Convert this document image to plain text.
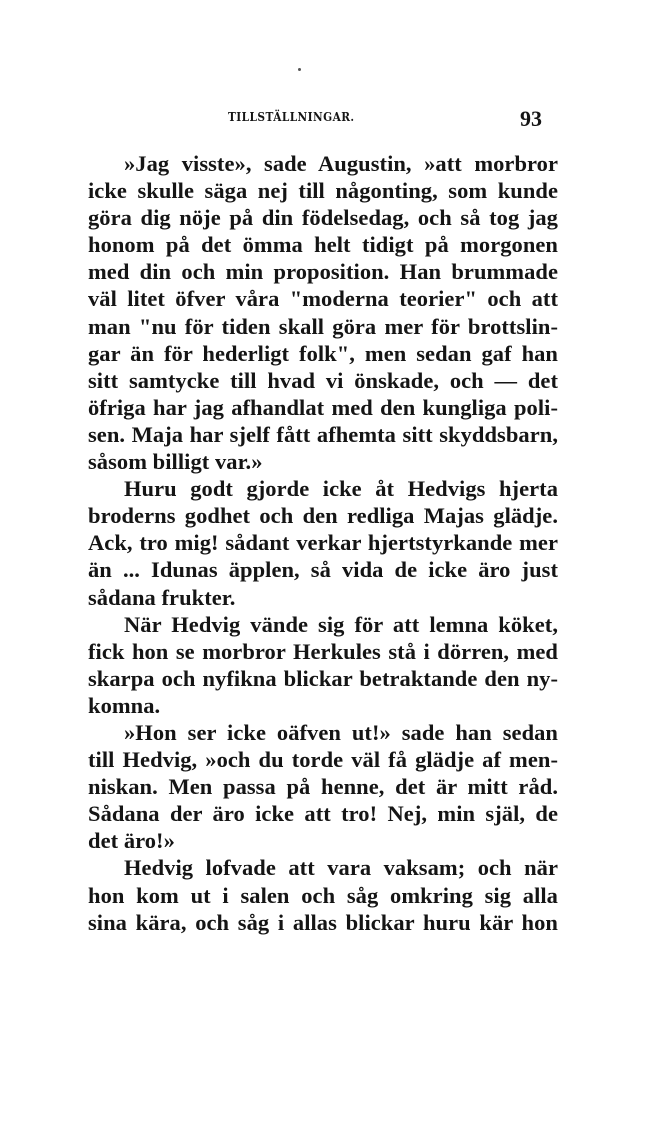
TILLSTÄLLNINGAR.	93
»Jag visste», sade Augustin, »att morbror
icke skulle säga nej till någonting, som kunde
göra dig nöje på din födelsedag, och så tog jag
honom på det ömma helt tidigt på morgonen
med din och min proposition. Han brummade
väl litet öfver våra "moderna teorier" och att
man "nu för tiden skall göra mer för brottslin-
gar än för hederligt folk", men sedan gaf han
sitt samtycke till hvad vi önskade, och — det
öfriga har jag afhandlat med den kungliga poli-
sen. Maja har sjelf fått afhemta sitt skyddsbarn,
såsom billigt var.»
Huru godt gjorde icke åt Hedvigs hjerta
broderns godhet och den redliga Majas glädje.
Ack, tro mig! sådant verkar hjertstyrkande mer
än ... Idunas äpplen, så vida de icke äro just
sådana frukter.
När Hedvig vände sig för att lemna köket,
fick hon se morbror Herkules stå i dörren, med
skarpa och nyfikna blickar betraktande den ny-
komna.
»Hon ser icke oäfven ut!» sade han sedan
till Hedvig, »och du torde väl få glädje af men-
niskan. Men passa på henne, det är mitt råd.
Sådana der äro icke att tro! Nej, min själ, de
det äro!»
Hedvig lofvade att vara vaksam; och när
hon kom ut i salen och såg omkring sig alla
sina kära, och såg i allas blickar huru kär hon
